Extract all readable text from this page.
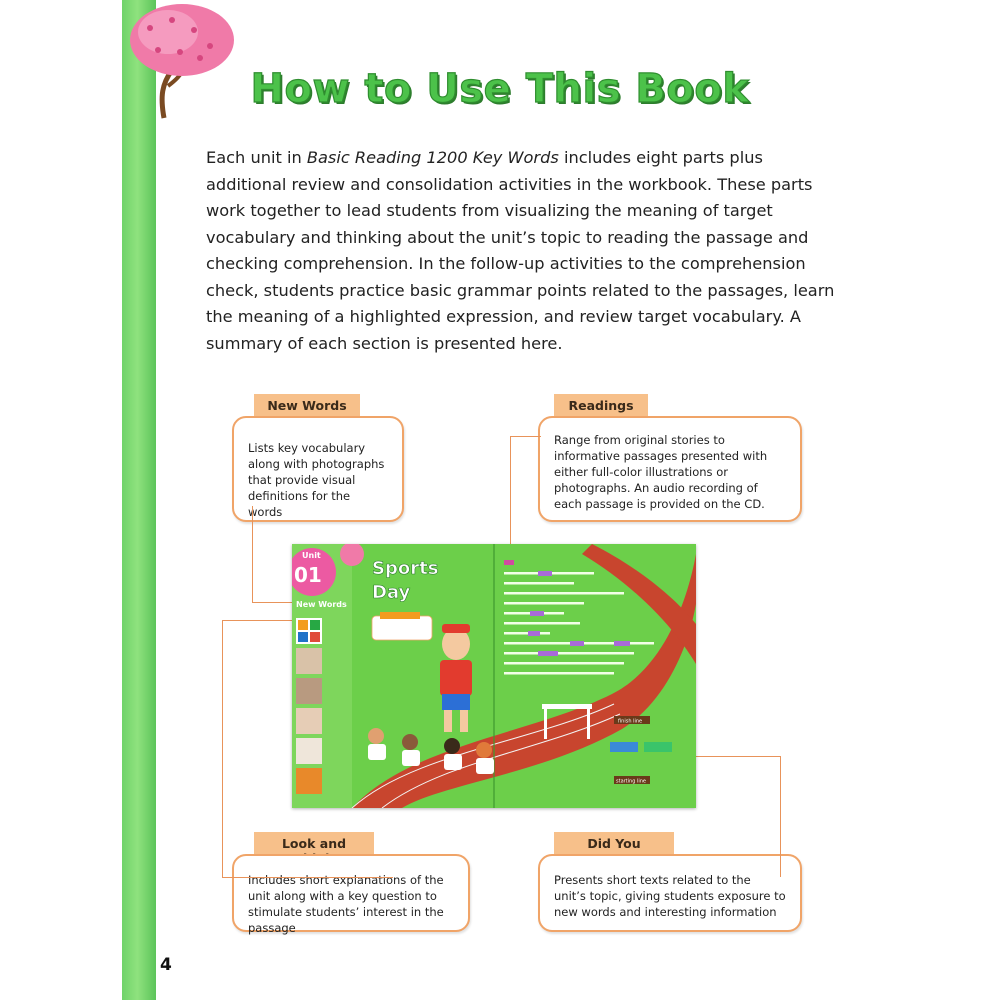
How to Use This Book
Each unit in Basic Reading 1200 Key Words includes eight parts plus additional review and consolidation activities in the workbook. These parts work together to lead students from visualizing the meaning of target vocabulary and thinking about the unit’s topic to reading the passage and checking comprehension. In the follow-up activities to the comprehension check, students practice basic grammar points related to the passages, learn the meaning of a highlighted expression, and review target vocabulary. A summary of each section is presented here.
New Words
Lists key vocabulary along with photographs that provide visual definitions for the words
Readings
Range from original stories to informative passages presented with either full-color illustrations or photographs. An audio recording of each passage is provided on the CD.
Look and
Includes short explanations of the unit along with a key question to stimulate students’ interest in the passage
Did You
Presents short texts related to the unit’s topic, giving students exposure to new words and interesting information
Unit
01
New Words
Sports
Day
finish line
starting line
4
